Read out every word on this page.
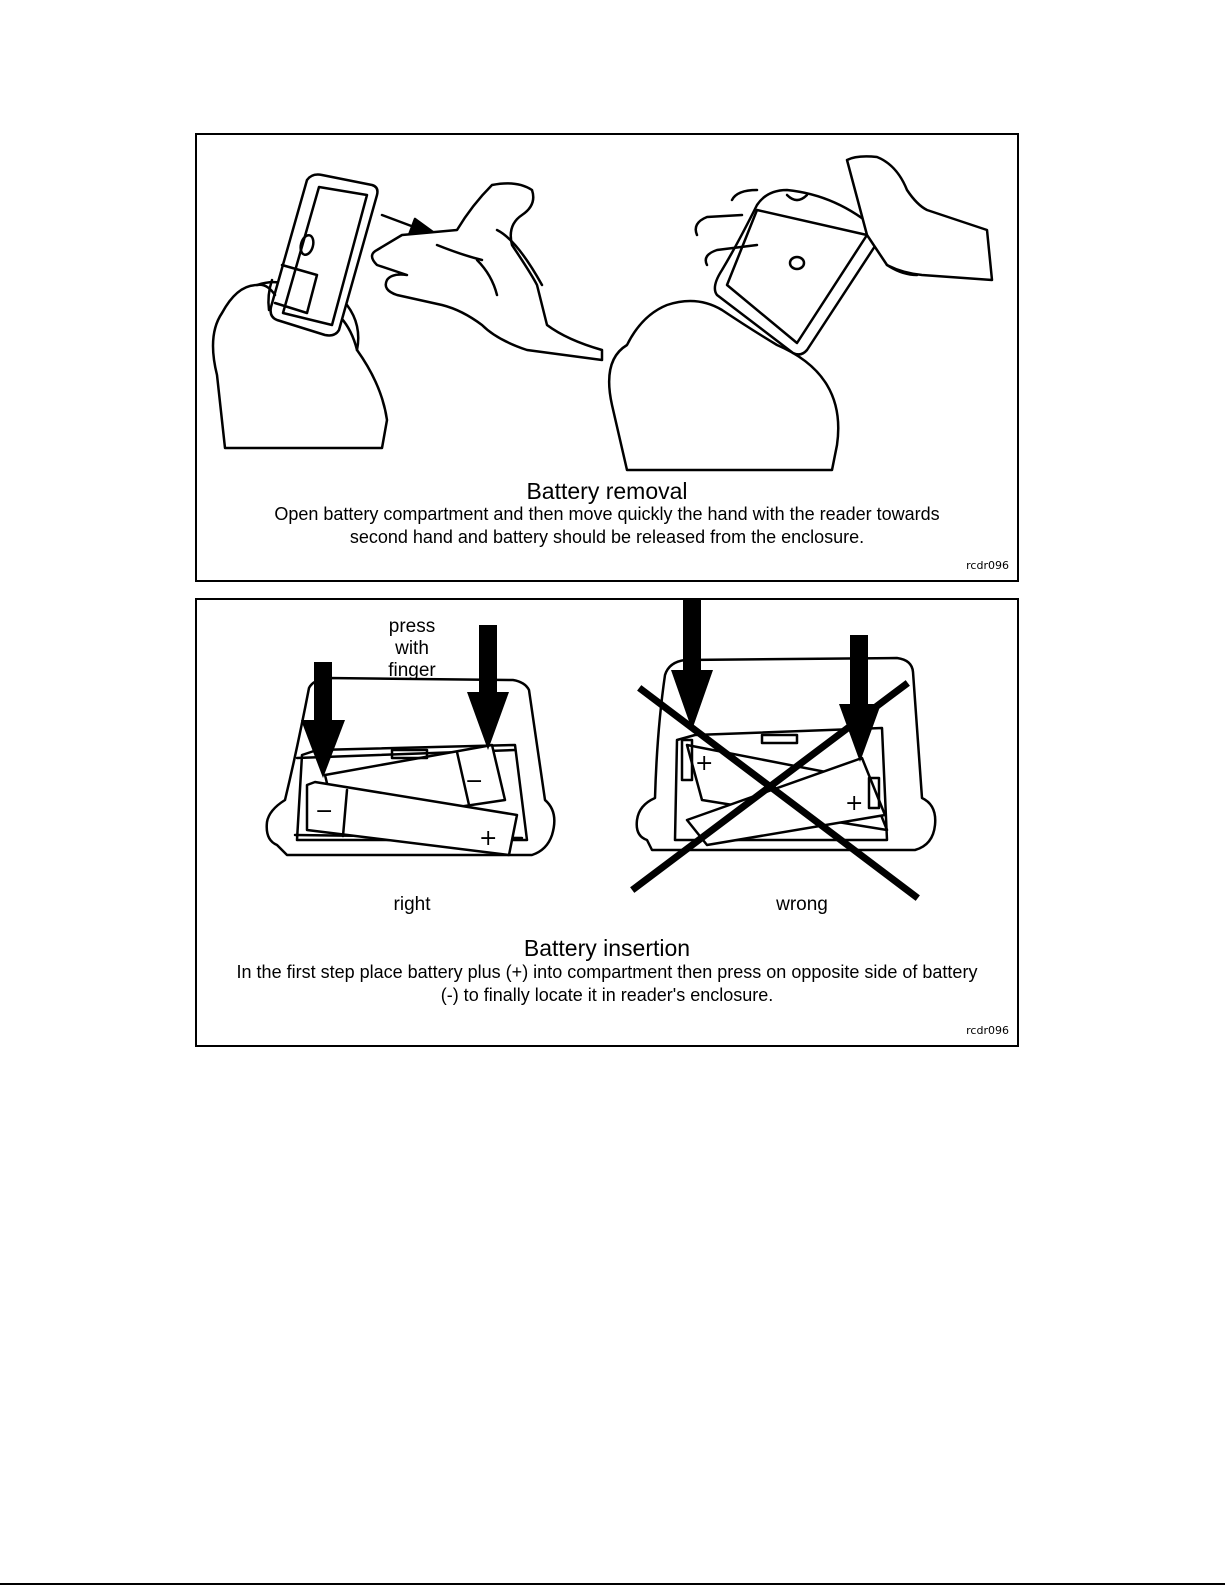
Battery removal
Open battery compartment and then move quickly the hand with the reader towards
second hand and battery should be released from the enclosure.
rcdr096
−
−
+
+
+
press
with
finger
right	wrong
Battery insertion
In the first step place battery plus (+) into compartment then press on opposite side of battery
(-) to finally locate it in reader's enclosure.
rcdr096
